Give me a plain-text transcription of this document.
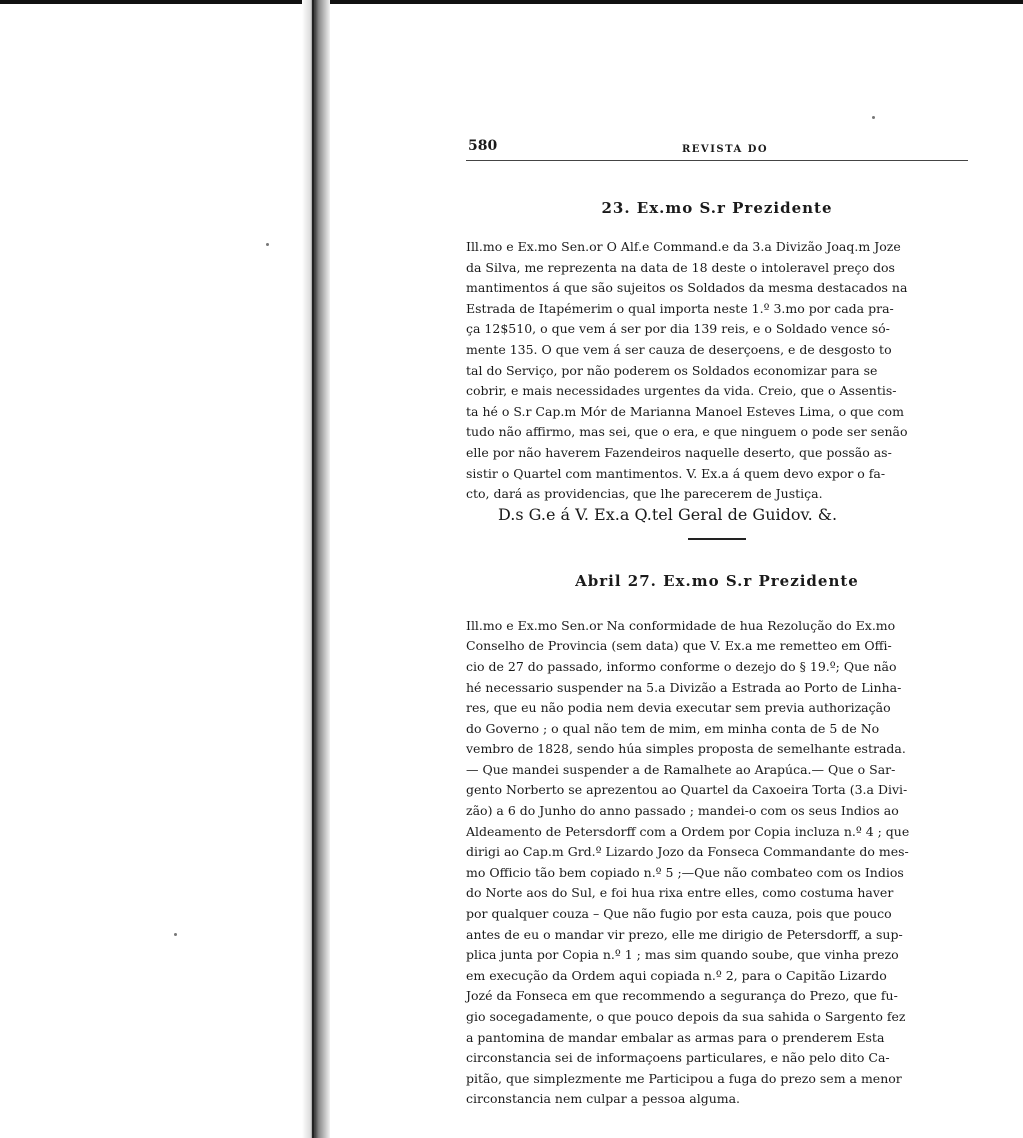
580	REVISTA DO
23. Ex.mo S.r Prezidente

Ill.mo e Ex.mo Sen.or O Alf.e Command.e da 3.a Divizão Joaq.m Joze
da Silva, me reprezenta na data de 18 deste o intoleravel preço dos
mantimentos á que são sujeitos os Soldados da mesma destacados na
Estrada de Itapémerim o qual importa neste 1.º 3.mo por cada pra-
ça 12$510, o que vem á ser por dia 139 reis, e o Soldado vence só-
mente 135. O que vem á ser cauza de deserçoens, e de desgosto to
tal do Serviço, por não poderem os Soldados economizar para se
cobrir, e mais necessidades urgentes da vida. Creio, que o Assentis-
ta hé o S.r Cap.m Mór de Marianna Manoel Esteves Lima, o que com
tudo não affirmo, mas sei, que o era, e que ninguem o pode ser senão
elle por não haverem Fazendeiros naquelle deserto, que possão as-
sistir o Quartel com mantimentos. V. Ex.a á quem devo expor o fa-
cto, dará as providencias, que lhe parecerem de Justiça.

D.s G.e á V. Ex.a Q.tel Geral de Guidov. &.
Abril 27. Ex.mo S.r Prezidente

Ill.mo e Ex.mo Sen.or Na conformidade de hua Rezolução do Ex.mo
Conselho de Provincia (sem data) que V. Ex.a me remetteo em Offi-
cio de 27 do passado, informo conforme o dezejo do § 19.º; Que não
hé necessario suspender na 5.a Divizão a Estrada ao Porto de Linha-
res, que eu não podia nem devia executar sem previa authorização
do Governo ; o qual não tem de mim, em minha conta de 5 de No
vembro de 1828, sendo húa simples proposta de semelhante estrada.
— Que mandei suspender a de Ramalhete ao Arapúca.— Que o Sar-
gento Norberto se aprezentou ao Quartel da Caxoeira Torta (3.a Divi-
zão) a 6 do Junho do anno passado ; mandei-o com os seus Indios ao
Aldeamento de Petersdorff com a Ordem por Copia incluza n.º 4 ; que
dirigi ao Cap.m Grd.º Lizardo Jozo da Fonseca Commandante do mes-
mo Officio tão bem copiado n.º 5 ;—Que não combateo com os Indios
do Norte aos do Sul, e foi hua rixa entre elles, como costuma haver
por qualquer couza – Que não fugio por esta cauza, pois que pouco
antes de eu o mandar vir prezo, elle me dirigio de Petersdorff, a sup-
plica junta por Copia n.º 1 ; mas sim quando soube, que vinha prezo
em execução da Ordem aqui copiada n.º 2, para o Capitão Lizardo
Jozé da Fonseca em que recommendo a segurança do Prezo, que fu-
gio socegadamente, o que pouco depois da sua sahida o Sargento fez
a pantomina de mandar embalar as armas para o prenderem Esta
circonstancia sei de informaçoens particulares, e não pelo dito Ca-
pitão, que simplezmente me Participou a fuga do prezo sem a menor
circonstancia nem culpar a pessoa alguma.
